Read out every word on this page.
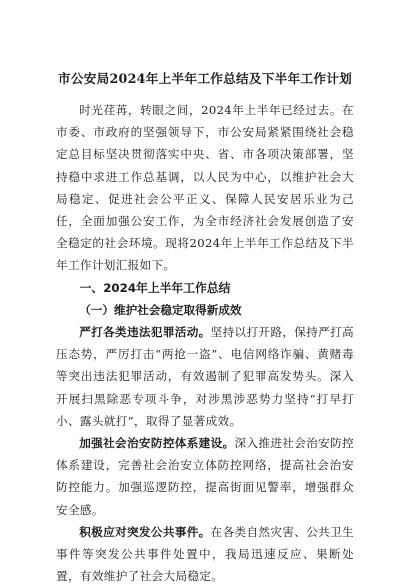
市公安局2024年上半年工作总结及下半年工作计划

时光荏苒，转眼之间，2024年上半年已经过去。在市委、市政府的坚强领导下，市公安局紧紧围绕社会稳定总目标坚决贯彻落实中央、省、市各项决策部署，坚持稳中求进工作总基调，以人民为中心，以维护社会大局稳定、促进社会公平正义、保障人民安居乐业为己任，全面加强公安工作，为全市经济社会发展创造了安全稳定的社会环境。现将2024年上半年工作总结及下半年工作计划汇报如下。

一、2024年上半年工作总结

（一）维护社会稳定取得新成效

严打各类违法犯罪活动。坚持以打开路，保持严打高压态势，严厉打击“两抢一盗”、电信网络诈骗、黄赌毒等突出违法犯罪活动，有效遏制了犯罪高发势头。深入开展扫黑除恶专项斗争，对涉黑涉恶势力坚持“打早打小、露头就打”，取得了显著成效。

加强社会治安防控体系建设。深入推进社会治安防控体系建设，完善社会治安立体防控网络，提高社会治安防控能力。加强巡逻防控，提高街面见警率，增强群众安全感。

积极应对突发公共事件。在各类自然灾害、公共卫生事件等突发公共事件处置中，我局迅速反应、果断处置，有效维护了社会大局稳定。
